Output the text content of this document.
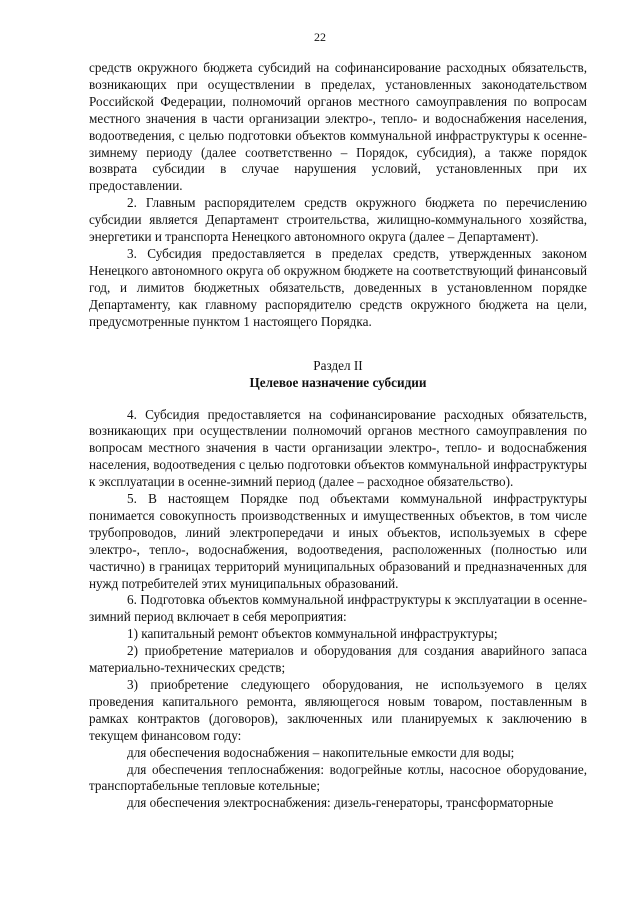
22

средств окружного бюджета субсидий на софинансирование расходных обязательств, возникающих при осуществлении в пределах, установленных законодательством Российской Федерации, полномочий органов местного самоуправления по вопросам местного значения в части организации электро-, тепло- и водоснабжения населения, водоотведения, с целью подготовки объектов коммунальной инфраструктуры к осенне-зимнему периоду (далее соответственно – Порядок, субсидия), а также порядок возврата субсидии в случае нарушения условий, установленных при их предоставлении.

2. Главным распорядителем средств окружного бюджета по перечислению субсидии является Департамент строительства, жилищно-коммунального хозяйства, энергетики и транспорта Ненецкого автономного округа (далее – Департамент).

3. Субсидия предоставляется в пределах средств, утвержденных законом Ненецкого автономного округа об окружном бюджете на соответствующий финансовый год, и лимитов бюджетных обязательств, доведенных в установленном порядке Департаменту, как главному распорядителю средств окружного бюджета на цели, предусмотренные пунктом 1 настоящего Порядка.

Раздел II
Целевое назначение субсидии

4. Субсидия предоставляется на софинансирование расходных обязательств, возникающих при осуществлении полномочий органов местного самоуправления по вопросам местного значения в части организации электро-, тепло- и водоснабжения населения, водоотведения с целью подготовки объектов коммунальной инфраструктуры к эксплуатации в осенне-зимний период (далее – расходное обязательство).

5. В настоящем Порядке под объектами коммунальной инфраструктуры понимается совокупность производственных и имущественных объектов, в том числе трубопроводов, линий электропередачи и иных объектов, используемых в сфере электро-, тепло-, водоснабжения, водоотведения, расположенных (полностью или частично) в границах территорий муниципальных образований и предназначенных для нужд потребителей этих муниципальных образований.

6. Подготовка объектов коммунальной инфраструктуры к эксплуатации в осенне-зимний период включает в себя мероприятия:

1) капитальный ремонт объектов коммунальной инфраструктуры;

2) приобретение материалов и оборудования для создания аварийного запаса материально-технических средств;

3) приобретение следующего оборудования, не используемого в целях проведения капитального ремонта, являющегося новым товаром, поставленным в рамках контрактов (договоров), заключенных или планируемых к заключению в текущем финансовом году:

для обеспечения водоснабжения – накопительные емкости для воды;

для обеспечения теплоснабжения: водогрейные котлы, насосное оборудование, транспортабельные тепловые котельные;

для обеспечения электроснабжения: дизель-генераторы, трансформаторные
